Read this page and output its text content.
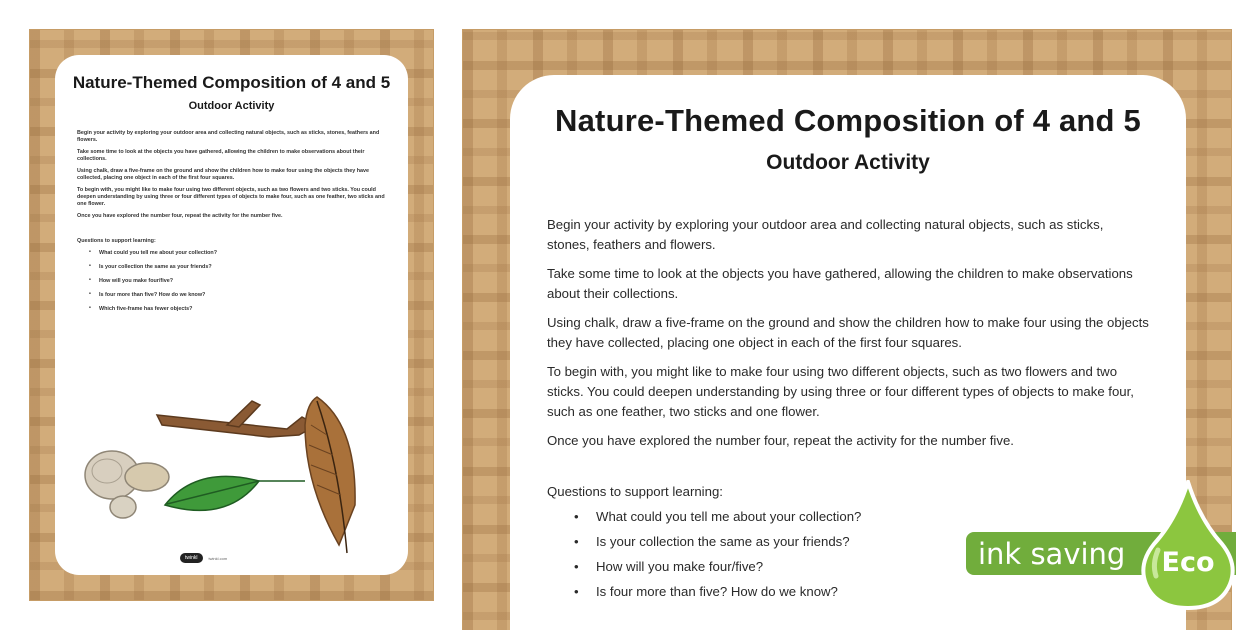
Nature-Themed Composition of 4 and 5
Outdoor Activity

Begin your activity by exploring your outdoor area and collecting natural objects, such as sticks, stones, feathers and flowers.

Take some time to look at the objects you have gathered, allowing the children to make observations about their collections.

Using chalk, draw a five-frame on the ground and show the children how to make four using the objects they have collected, placing one object in each of the first four squares.

To begin with, you might like to make four using two different objects, such as two flowers and two sticks. You could deepen understanding by using three or four different types of objects to make four, such as one feather, two sticks and one flower.

Once you have explored the number four, repeat the activity for the number five.

Questions to support learning:
• What could you tell me about your collection?
• Is your collection the same as your friends?
• How will you make four/five?
• Is four more than five? How do we know?
• Which five-frame has fewer objects?
twinkl	twinkl.com
Nature-Themed Composition of 4 and 5
Outdoor Activity

Begin your activity by exploring your outdoor area and collecting natural objects, such as sticks, stones, feathers and flowers.

Take some time to look at the objects you have gathered, allowing the children to make observations about their collections.

Using chalk, draw a five-frame on the ground and show the children how to make four using the objects they have collected, placing one object in each of the first four squares.

To begin with, you might like to make four using two different objects, such as two flowers and two sticks. You could deepen understanding by using three or four different types of objects to make four, such as one feather, two sticks and one flower.

Once you have explored the number four, repeat the activity for the number five.

Questions to support learning:
• What could you tell me about your collection?
• Is your collection the same as your friends?
• How will you make four/five?
• Is four more than five? How do we know?
ink saving	Eco
